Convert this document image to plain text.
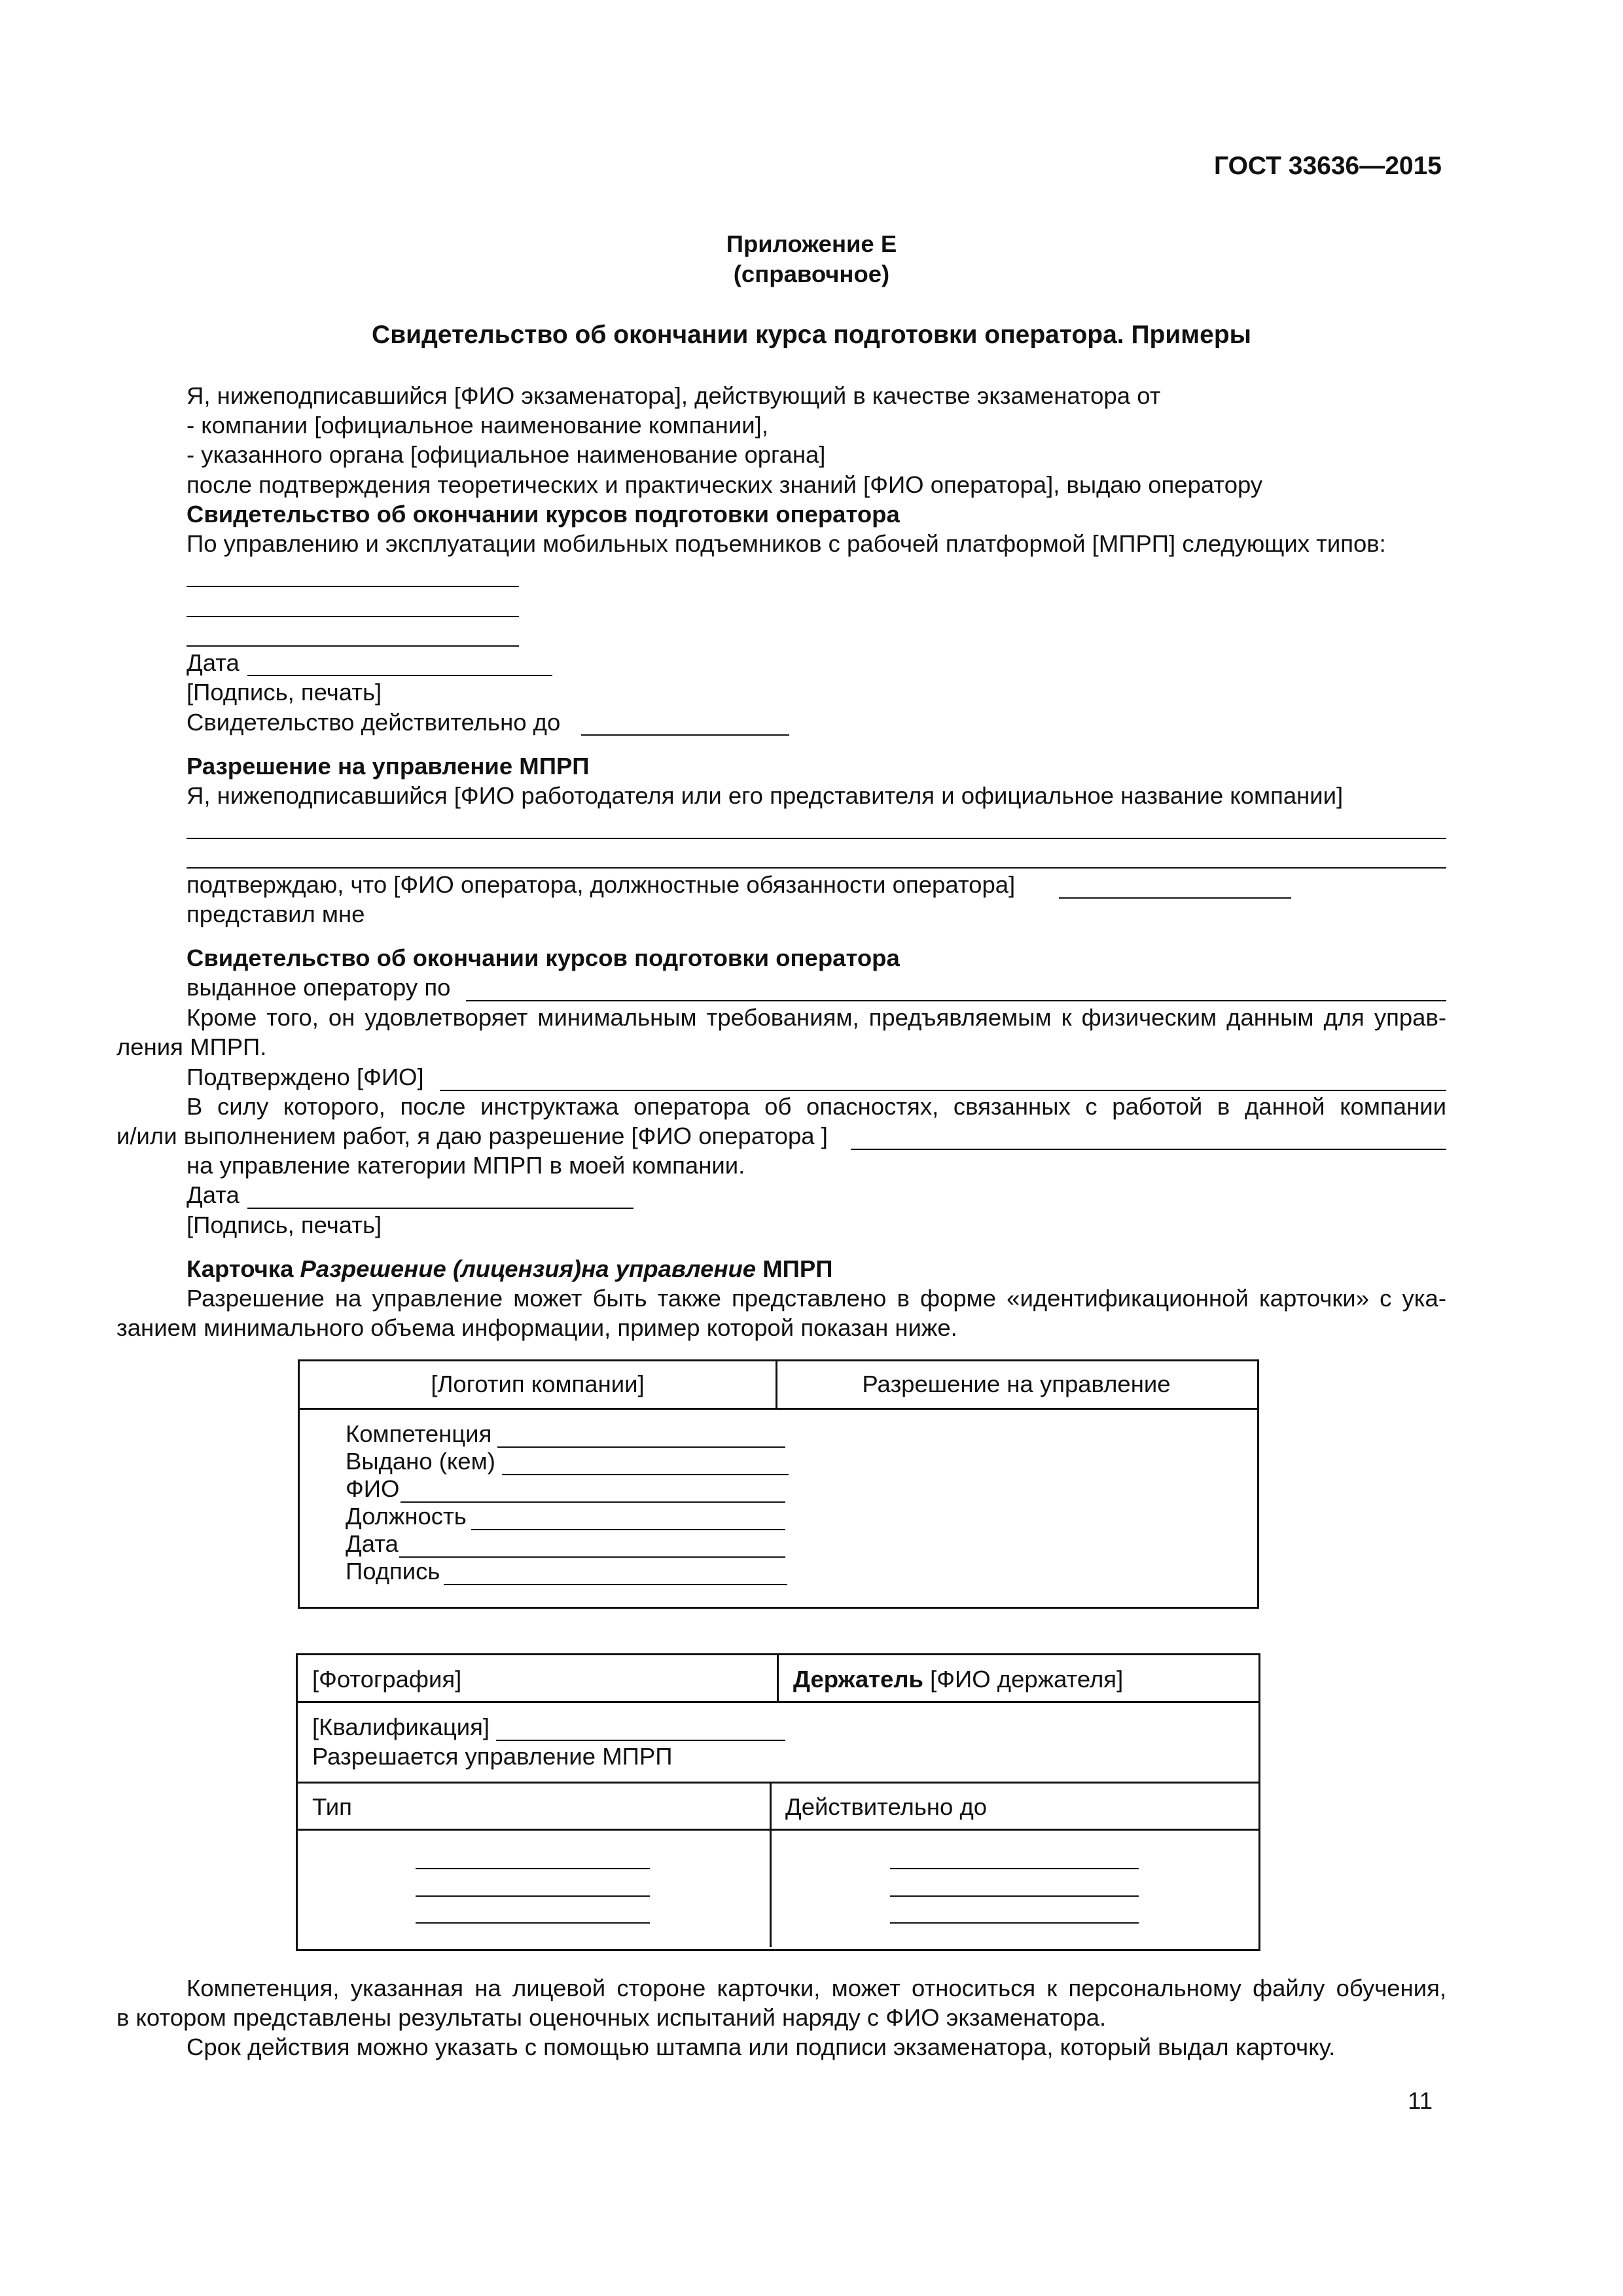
ГОСТ 33636—2015
Приложение Е
(справочное)
Свидетельство об окончании курса подготовки оператора. Примеры
Я, нижеподписавшийся [ФИО экзаменатора], действующий в качестве экзаменатора от
- компании [официальное наименование компании],
- указанного органа [официальное наименование органа]
после подтверждения теоретических и практических знаний [ФИО оператора], выдаю оператору
Свидетельство об окончании курсов подготовки оператора
По управлению и эксплуатации мобильных подъемников с рабочей платформой [МПРП] следующих типов:
Дата
[Подпись, печать]
Свидетельство действительно до
Разрешение на управление МПРП
Я, нижеподписавшийся [ФИО работодателя или его представителя и официальное название компании]
подтверждаю, что [ФИО оператора, должностные обязанности оператора]
представил мне
Свидетельство об окончании курсов подготовки оператора
выданное оператору по
Кроме того, он удовлетворяет минимальным требованиям, предъявляемым к физическим данным для управ-
ления МПРП.
Подтверждено [ФИО]
В силу которого, после инструктажа оператора об опасностях, связанных с работой в данной компании
и/или выполнением работ, я даю разрешение [ФИО оператора ]
на управление категории МПРП в моей компании.
Дата
[Подпись, печать]
Карточка Разрешение (лицензия)на управление МПРП
Разрешение на управление может быть также представлено в форме «идентификационной карточки» с ука-
занием минимального объема информации, пример которой показан ниже.
[Логотип компании]	Разрешение на управление
Компетенция
Выдано (кем)
ФИО
Должность
Дата
Подпись
[Фотография]	Держатель [ФИО держателя]
[Квалификация]
Разрешается управление МПРП
Тип	Действительно до
Компетенция, указанная на лицевой стороне карточки, может относиться к персональному файлу обучения,
в котором представлены результаты оценочных испытаний наряду с ФИО экзаменатора.
Срок действия можно указать с помощью штампа или подписи экзаменатора, который выдал карточку.
11
